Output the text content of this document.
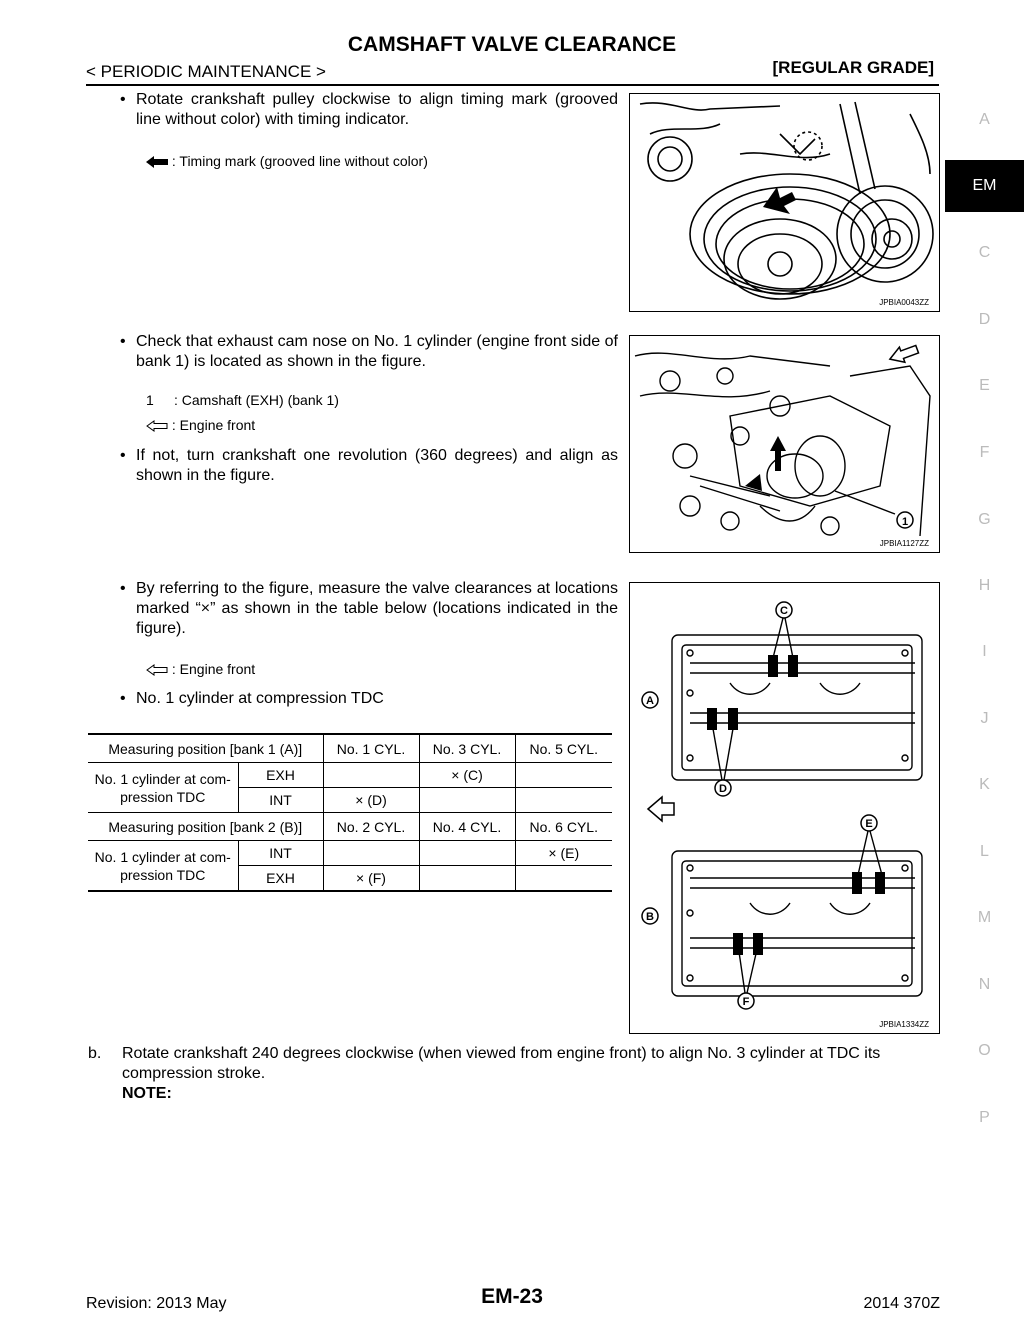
CAMSHAFT VALVE CLEARANCE
< PERIODIC MAINTENANCE >	[REGULAR GRADE]
• Rotate crankshaft pulley clockwise to align timing mark (grooved line without color) with timing indicator.
: Timing mark (grooved line without color)
JPBIA0043ZZ
• Check that exhaust cam nose on No. 1 cylinder (engine front side of bank 1) is located as shown in the figure.
1 : Camshaft (EXH) (bank 1)
: Engine front
• If not, turn crankshaft one revolution (360 degrees) and align as shown in the figure.
1
JPBIA1127ZZ
• By referring to the figure, measure the valve clearances at locations marked “×” as shown in the table below (locations indicated in the figure).
: Engine front
• No. 1 cylinder at compression TDC
Measuring position [bank 1 (A)]		No. 1 CYL.	No. 3 CYL.	No. 5 CYL.
No. 1 cylinder at com-
pression TDC	EXH		× (C)	
	INT	× (D)		
Measuring position [bank 2 (B)]		No. 2 CYL.	No. 4 CYL.	No. 6 CYL.
No. 1 cylinder at com-
pression TDC	INT			× (E)
	EXH	× (F)		
A
B
C
D
E
F
JPBIA1334ZZ
b. Rotate crankshaft 240 degrees clockwise (when viewed from engine front) to align No. 3 cylinder at TDC its compression stroke.
NOTE:
A
EM
C
D
E
F
G
H
I
J
K
L
M
N
O
P
Revision: 2013 May	EM-23	2014 370Z
